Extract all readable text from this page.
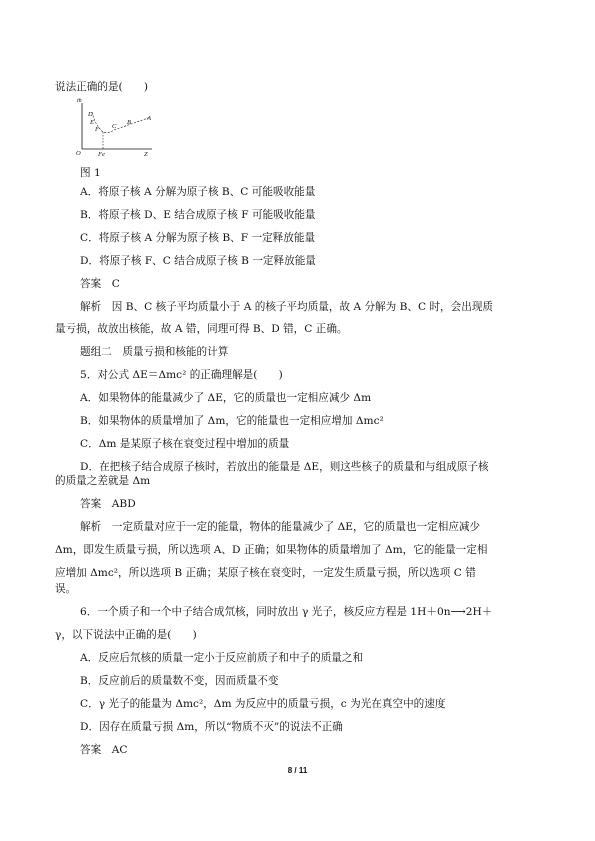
说法正确的是(　　)
m̄
O	Z
Fe
D
E
F C
B
A
图 1
A．将原子核 A 分解为原子核 B、C 可能吸收能量
B．将原子核 D、E 结合成原子核 F 可能吸收能量
C．将原子核 A 分解为原子核 B、F 一定释放能量
D．将原子核 F、C 结合成原子核 B 一定释放能量
答案　C
解析　因 B、C 核子平均质量小于 A 的核子平均质量，故 A 分解为 B、C 时，会出现质
量亏损，故放出核能，故 A 错，同理可得 B、D 错，C 正确。
题组二　质量亏损和核能的计算
5．对公式 ΔE＝Δmc² 的正确理解是(　　)
A．如果物体的能量减少了 ΔE，它的质量也一定相应减少 Δm
B．如果物体的质量增加了 Δm，它的能量也一定相应增加 Δmc²
C．Δm 是某原子核在衰变过程中增加的质量
D．在把核子结合成原子核时，若放出的能量是 ΔE，则这些核子的质量和与组成原子核
的质量之差就是 Δm
答案　ABD
解析　一定质量对应于一定的能量，物体的能量减少了 ΔE，它的质量也一定相应减少
Δm，即发生质量亏损，所以选项 A、D 正确；如果物体的质量增加了 Δm，它的能量一定相
应增加 Δmc²，所以选项 B 正确；某原子核在衰变时，一定发生质量亏损，所以选项 C 错
误。
6．一个质子和一个中子结合成氘核，同时放出 γ 光子，核反应方程是 1H＋0n⟶2H＋
γ，以下说法中正确的是(　　)
A．反应后氘核的质量一定小于反应前质子和中子的质量之和
B．反应前后的质量数不变，因而质量不变
C．γ 光子的能量为 Δmc²，Δm 为反应中的质量亏损，c 为光在真空中的速度
D．因存在质量亏损 Δm，所以“物质不灭”的说法不正确
答案　AC
8 / 11
